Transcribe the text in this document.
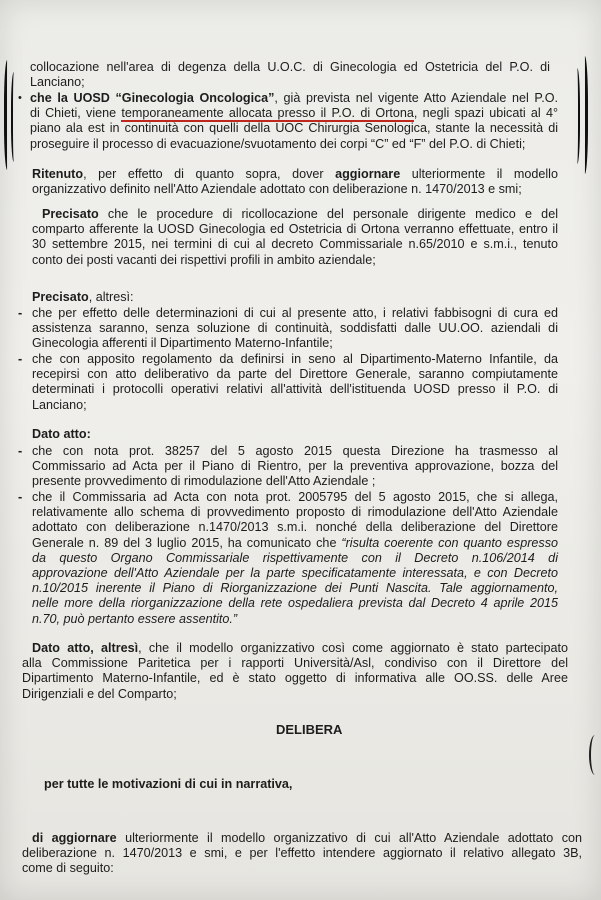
collocazione nell'area di degenza della U.O.C. di Ginecologia ed Ostetricia del P.O. di
Lanciano;
• che la UOSD “Ginecologia Oncologica”, già prevista nel vigente Atto Aziendale nel P.O.
di Chieti, viene temporaneamente allocata presso il P.O. di Ortona, negli spazi ubicati al 4°
piano ala est in continuità con quelli della UOC Chirurgia Senologica, stante la necessità di
proseguire il processo di evacuazione/svuotamento dei corpi “C” ed “F” del P.O. di Chieti;
Ritenuto, per effetto di quanto sopra, dover aggiornare ulteriormente il modello
organizzativo definito nell'Atto Aziendale adottato con deliberazione n. 1470/2013 e smi;
Precisato che le procedure di ricollocazione del personale dirigente medico e del
comparto afferente la UOSD Ginecologia ed Ostetricia di Ortona verranno effettuate, entro il
30 settembre 2015, nei termini di cui al decreto Commissariale n.65/2010 e s.m.i., tenuto
conto dei posti vacanti dei rispettivi profili in ambito aziendale;
Precisato, altresì:
- che per effetto delle determinazioni di cui al presente atto, i relativi fabbisogni di cura ed
assistenza saranno, senza soluzione di continuità, soddisfatti dalle UU.OO. aziendali di
Ginecologia afferenti il Dipartimento Materno-Infantile;
- che con apposito regolamento da definirsi in seno al Dipartimento-Materno Infantile, da
recepirsi con atto deliberativo da parte del Direttore Generale, saranno compiutamente
determinati i protocolli operativi relativi all'attività dell'istituenda UOSD presso il P.O. di
Lanciano;
Dato atto:
- che con nota prot. 38257 del 5 agosto 2015 questa Direzione ha trasmesso al
Commissario ad Acta per il Piano di Rientro, per la preventiva approvazione, bozza del
presente provvedimento di rimodulazione dell'Atto Aziendale ;
- che il Commissaria ad Acta con nota prot. 2005795 del 5 agosto 2015, che si allega,
relativamente allo schema di provvedimento proposto di rimodulazione dell'Atto Aziendale
adottato con deliberazione n.1470/2013 s.m.i. nonché della deliberazione del Direttore
Generale n. 89 del 3 luglio 2015, ha comunicato che “risulta coerente con quanto espresso
da questo Organo Commissariale rispettivamente con il Decreto n.106/2014 di
approvazione dell'Atto Aziendale per la parte specificatamente interessata, e con Decreto
n.10/2015 inerente il Piano di Riorganizzazione dei Punti Nascita. Tale aggiornamento,
nelle more della riorganizzazione della rete ospedaliera prevista dal Decreto 4 aprile 2015
n.70, può pertanto essere assentito.”
Dato atto, altresì, che il modello organizzativo così come aggiornato è stato partecipato
alla Commissione Paritetica per i rapporti Università/Asl, condiviso con il Direttore del
Dipartimento Materno-Infantile, ed è stato oggetto di informativa alle OO.SS. delle Aree
Dirigenziali e del Comparto;
DELIBERA
per tutte le motivazioni di cui in narrativa,
di aggiornare ulteriormente il modello organizzativo di cui all'Atto Aziendale adottato con
deliberazione n. 1470/2013 e smi, e per l'effetto intendere aggiornato il relativo allegato 3B,
come di seguito:
